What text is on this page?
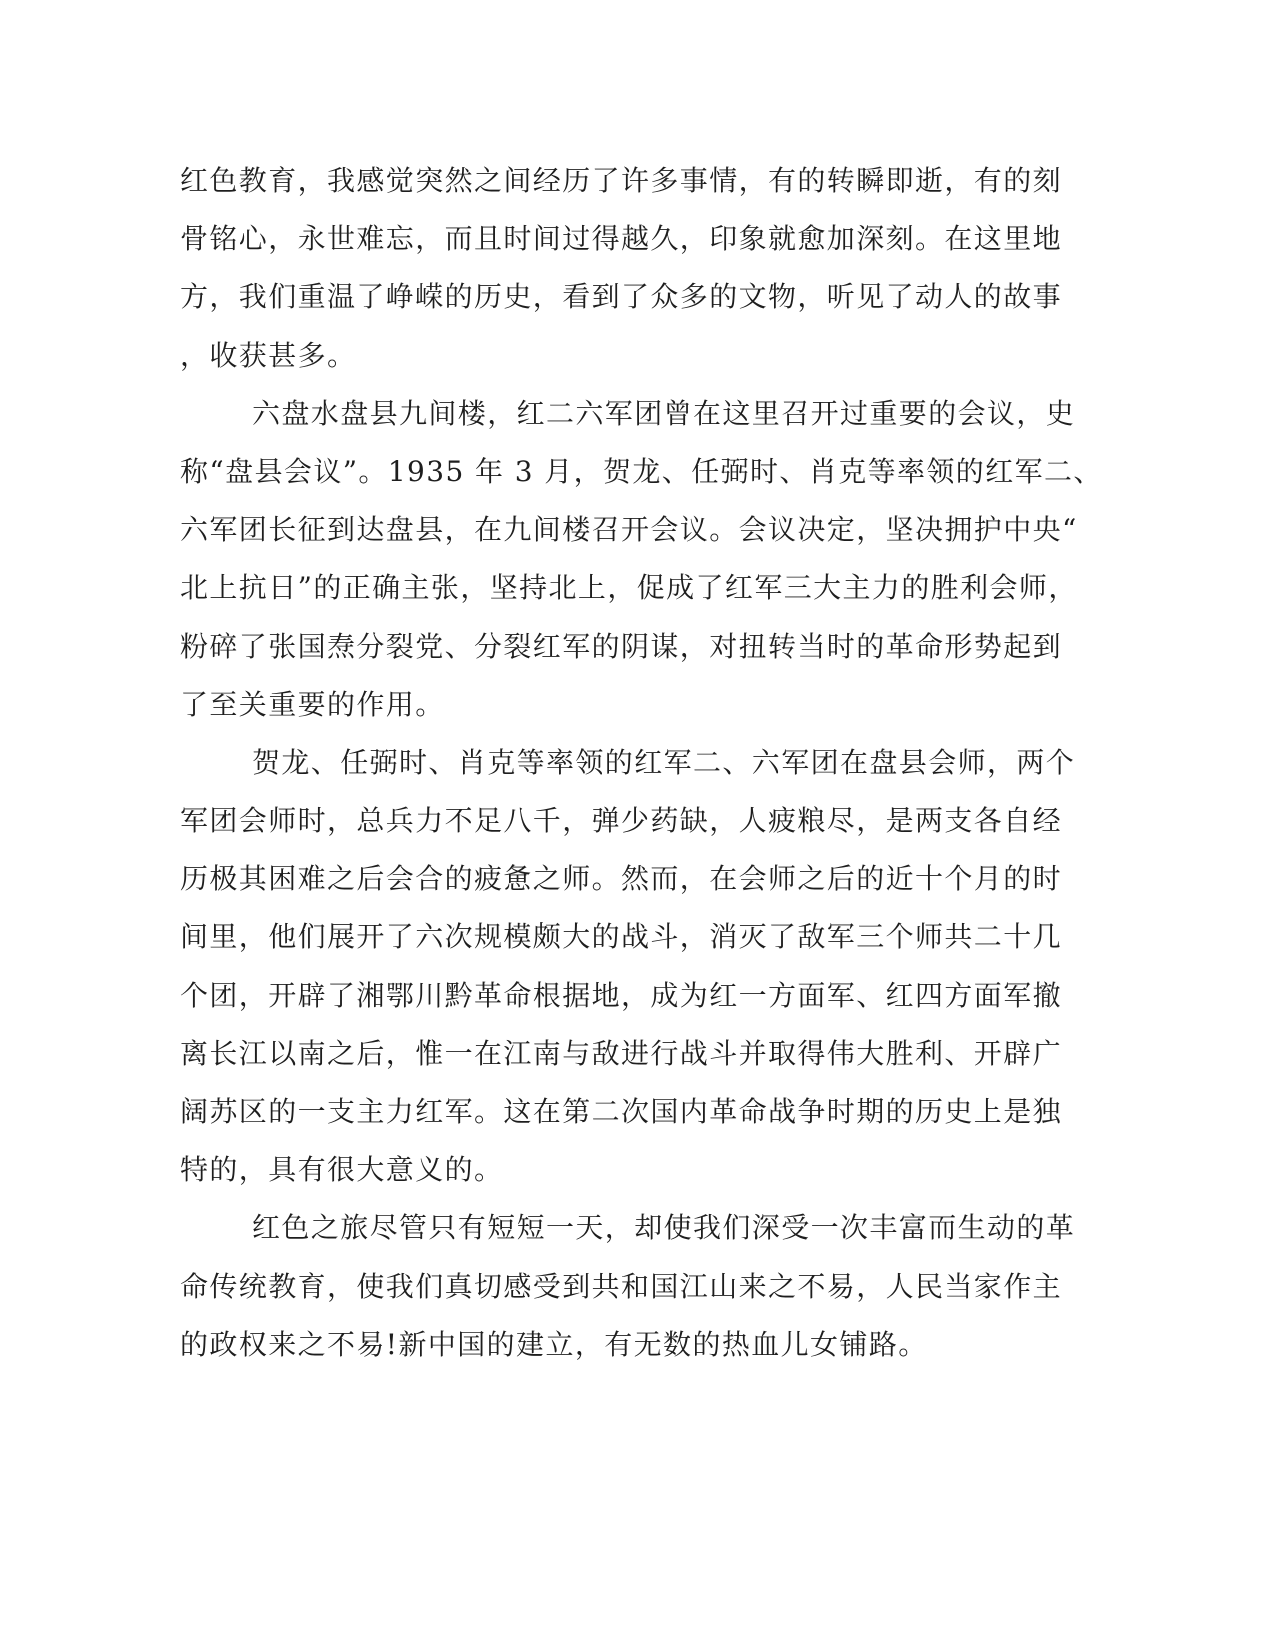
红色教育，我感觉突然之间经历了许多事情，有的转瞬即逝，有的刻
骨铭心，永世难忘，而且时间过得越久，印象就愈加深刻。在这里地
方，我们重温了峥嵘的历史，看到了众多的文物，听见了动人的故事
，收获甚多。
六盘水盘县九间楼，红二六军团曾在这里召开过重要的会议，史
称“盘县会议”。1935 年 3 月，贺龙、任弼时、肖克等率领的红军二、
六军团长征到达盘县，在九间楼召开会议。会议决定，坚决拥护中央“
北上抗日”的正确主张，坚持北上，促成了红军三大主力的胜利会师，
粉碎了张国焘分裂党、分裂红军的阴谋，对扭转当时的革命形势起到
了至关重要的作用。
贺龙、任弼时、肖克等率领的红军二、六军团在盘县会师，两个
军团会师时，总兵力不足八千，弹少药缺，人疲粮尽，是两支各自经
历极其困难之后会合的疲惫之师。然而，在会师之后的近十个月的时
间里，他们展开了六次规模颇大的战斗，消灭了敌军三个师共二十几
个团，开辟了湘鄂川黔革命根据地，成为红一方面军、红四方面军撤
离长江以南之后，惟一在江南与敌进行战斗并取得伟大胜利、开辟广
阔苏区的一支主力红军。这在第二次国内革命战争时期的历史上是独
特的，具有很大意义的。
红色之旅尽管只有短短一天，却使我们深受一次丰富而生动的革
命传统教育，使我们真切感受到共和国江山来之不易，人民当家作主
的政权来之不易!新中国的建立，有无数的热血儿女铺路。
